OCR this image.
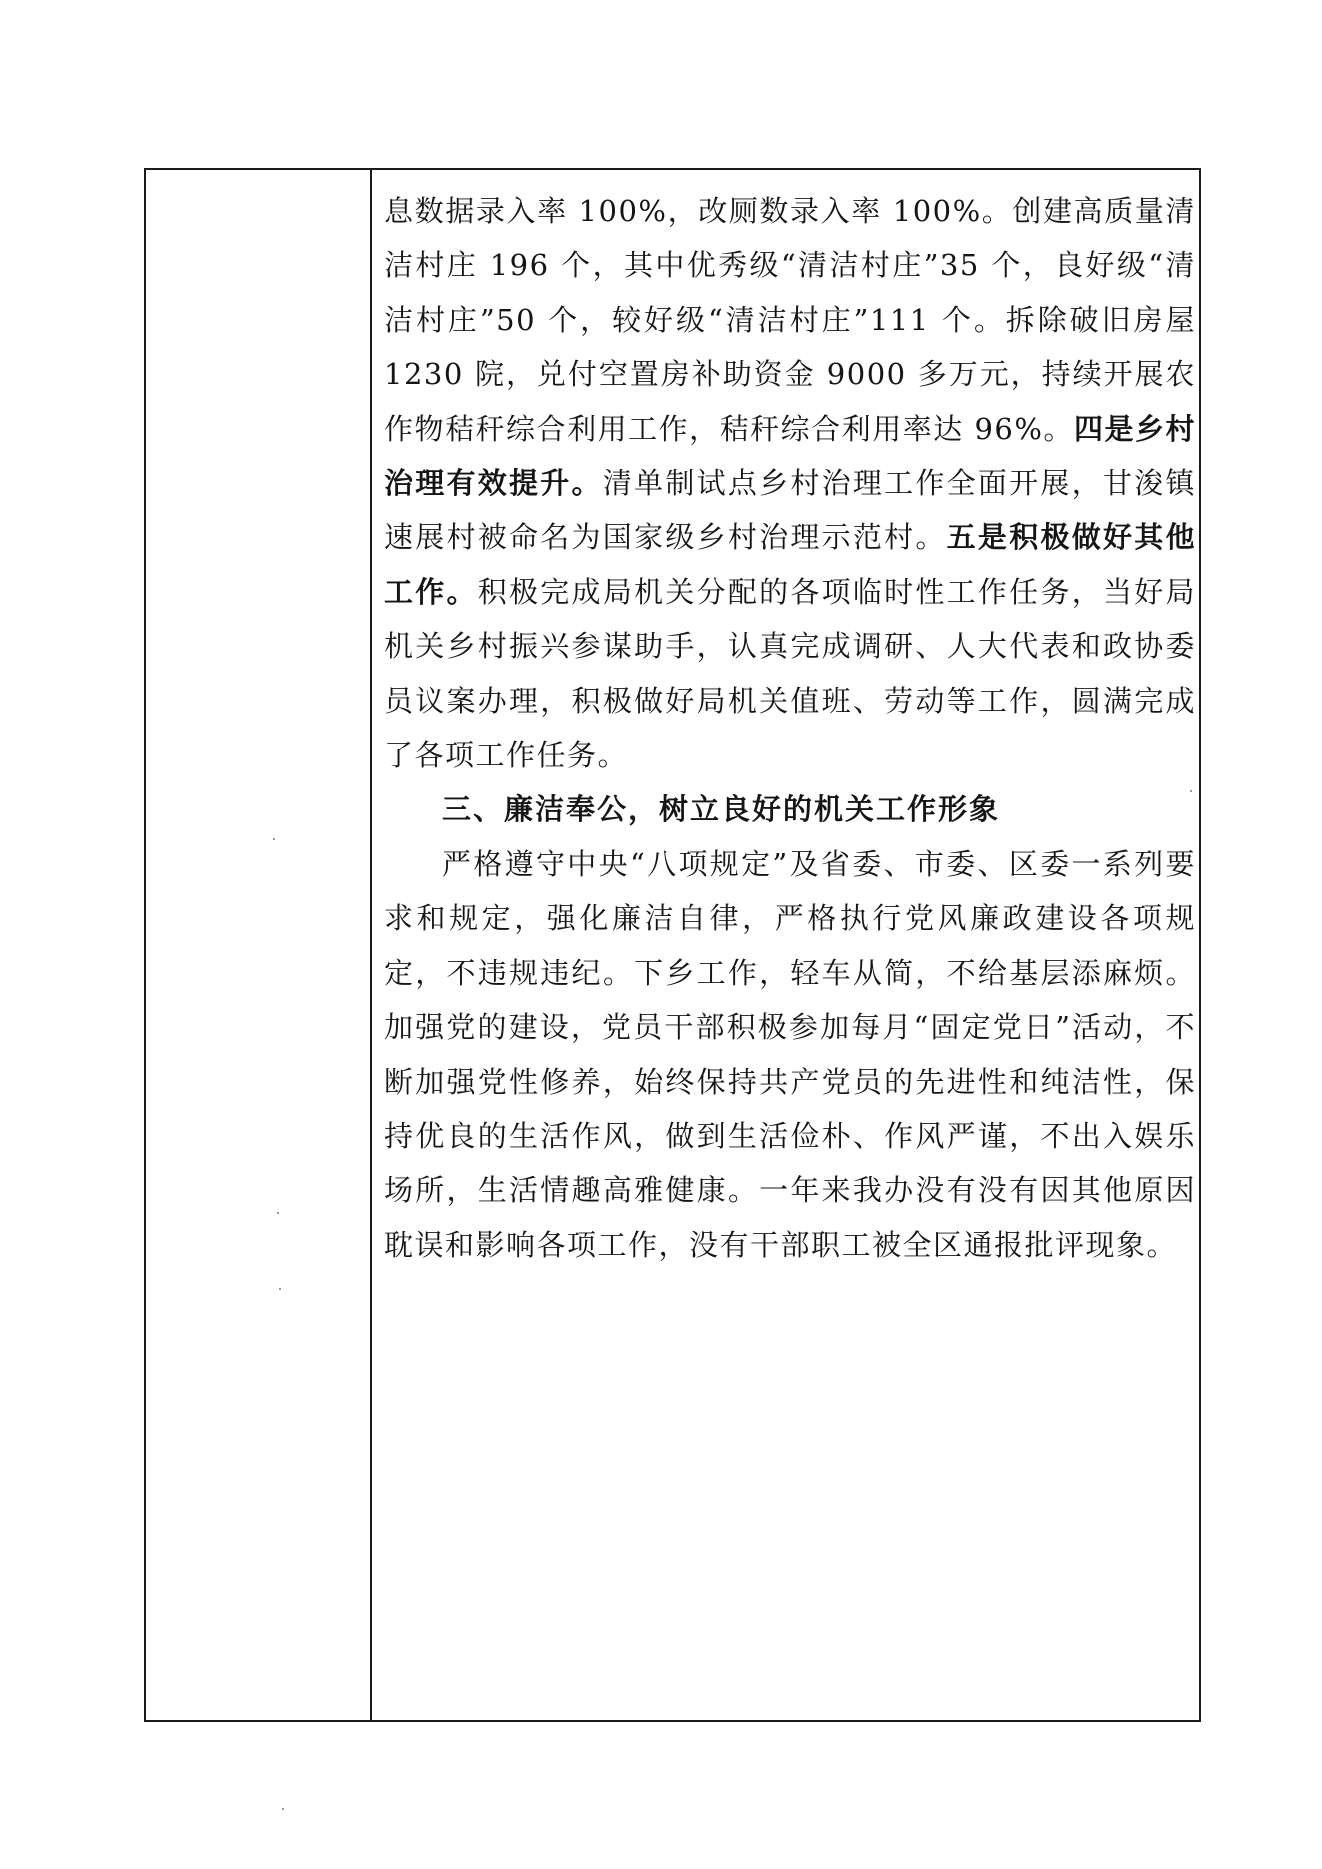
息数据录入率 100%，改厕数录入率 100%。创建高质量清洁村庄 196 个，其中优秀级“清洁村庄”35 个，良好级“清洁村庄”50 个，较好级“清洁村庄”111 个。拆除破旧房屋 1230 院，兑付空置房补助资金 9000 多万元，持续开展农作物秸秆综合利用工作，秸秆综合利用率达 96%。四是乡村治理有效提升。清单制试点乡村治理工作全面开展，甘浚镇速展村被命名为国家级乡村治理示范村。五是积极做好其他工作。积极完成局机关分配的各项临时性工作任务，当好局机关乡村振兴参谋助手，认真完成调研、人大代表和政协委员议案办理，积极做好局机关值班、劳动等工作，圆满完成了各项工作任务。

三、廉洁奉公，树立良好的机关工作形象

严格遵守中央“八项规定”及省委、市委、区委一系列要求和规定，强化廉洁自律，严格执行党风廉政建设各项规定，不违规违纪。下乡工作，轻车从简，不给基层添麻烦。加强党的建设，党员干部积极参加每月“固定党日”活动，不断加强党性修养，始终保持共产党员的先进性和纯洁性，保持优良的生活作风，做到生活俭朴、作风严谨，不出入娱乐场所，生活情趣高雅健康。一年来我办没有没有因其他原因耽误和影响各项工作，没有干部职工被全区通报批评现象。
